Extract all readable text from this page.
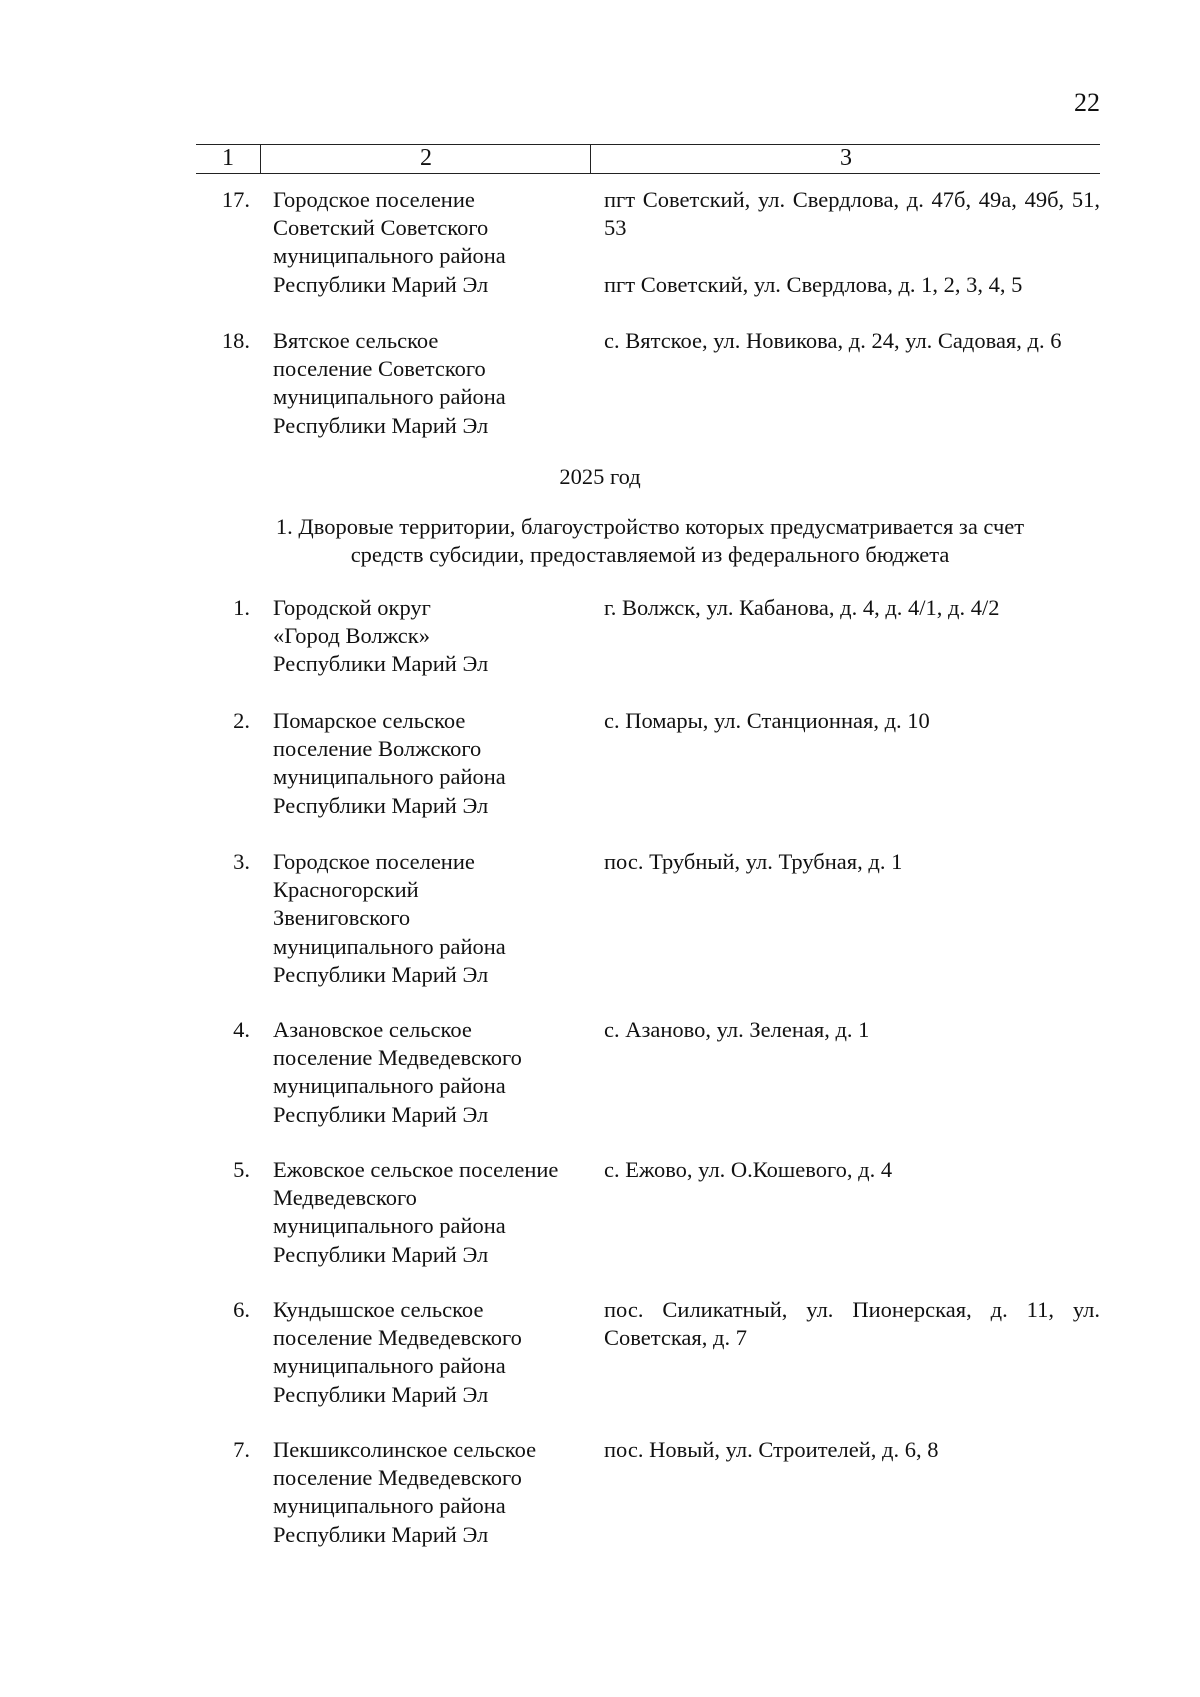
22
1	2	3
17. Городское поселение
Советский Советского
муниципального района
Республики Марий Эл

пгт Советский, ул. Свердлова, д. 47б, 49а, 49б, 51, 53

пгт Советский, ул. Свердлова, д. 1, 2, 3, 4, 5

18. Вятское сельское
поселение Советского
муниципального района
Республики Марий Эл

с. Вятское, ул. Новикова, д. 24, ул. Садовая, д. 6

2025 год
1. Дворовые территории, благоустройство которых предусматривается за счет
средств субсидии, предоставляемой из федерального бюджета
1. Городской округ
«Город Волжск»
Республики Марий Эл

г. Волжск, ул. Кабанова, д. 4, д. 4/1, д. 4/2

2. Помарское сельское
поселение Волжского
муниципального района
Республики Марий Эл

с. Помары, ул. Станционная, д. 10

3. Городское поселение
Красногорский
Звениговского
муниципального района
Республики Марий Эл

пос. Трубный, ул. Трубная, д. 1

4. Азановское сельское
поселение Медведевского
муниципального района
Республики Марий Эл

с. Азаново, ул. Зеленая, д. 1

5. Ежовское сельское поселение
Медведевского
муниципального района
Республики Марий Эл

с. Ежово, ул. О.Кошевого, д. 4

6. Кундышское сельское
поселение Медведевского
муниципального района
Республики Марий Эл

пос. Силикатный, ул. Пионерская, д. 11, ул. Советская, д. 7

7. Пекшиксолинское сельское
поселение Медведевского
муниципального района
Республики Марий Эл

пос. Новый, ул. Строителей, д. 6, 8
